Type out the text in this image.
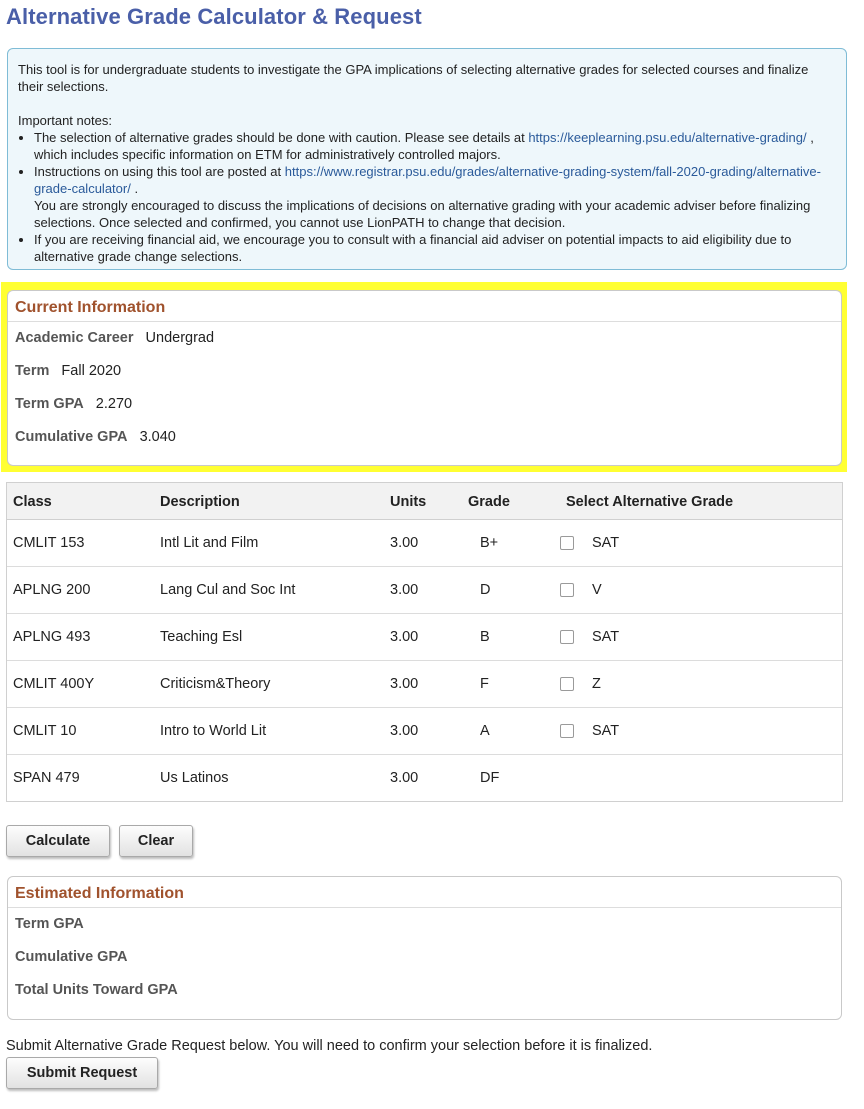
Alternative Grade Calculator & Request

This tool is for undergraduate students to investigate the GPA implications of selecting alternative grades for selected courses and finalize their selections.

Important notes:

• The selection of alternative grades should be done with caution. Please see details at https://keeplearning.psu.edu/alternative-grading/ , which includes specific information on ETM for administratively controlled majors.
• Instructions on using this tool are posted at https://www.registrar.psu.edu/grades/alternative-grading-system/fall-2020-grading/alternative-grade-calculator/ .
You are strongly encouraged to discuss the implications of decisions on alternative grading with your academic adviser before finalizing selections. Once selected and confirmed, you cannot use LionPATH to change that decision.
• If you are receiving financial aid, we encourage you to consult with a financial aid adviser on potential impacts to aid eligibility due to alternative grade change selections.
Current Information
Academic Career Undergrad
Term Fall 2020
Term GPA 2.270
Cumulative GPA 3.040
Class	Description	Units	Grade	Select Alternative Grade
CMLIT 153	Intl Lit and Film	3.00	B+	SAT
APLNG 200	Lang Cul and Soc Int	3.00	D	V
APLNG 493	Teaching Esl	3.00	B	SAT
CMLIT 400Y	Criticism&Theory	3.00	F	Z
CMLIT 10	Intro to World Lit	3.00	A	SAT
SPAN 479	Us Latinos	3.00	DF
Calculate	Clear
Estimated Information
Term GPA
Cumulative GPA
Total Units Toward GPA
Submit Alternative Grade Request below. You will need to confirm your selection before it is finalized.
Submit Request
